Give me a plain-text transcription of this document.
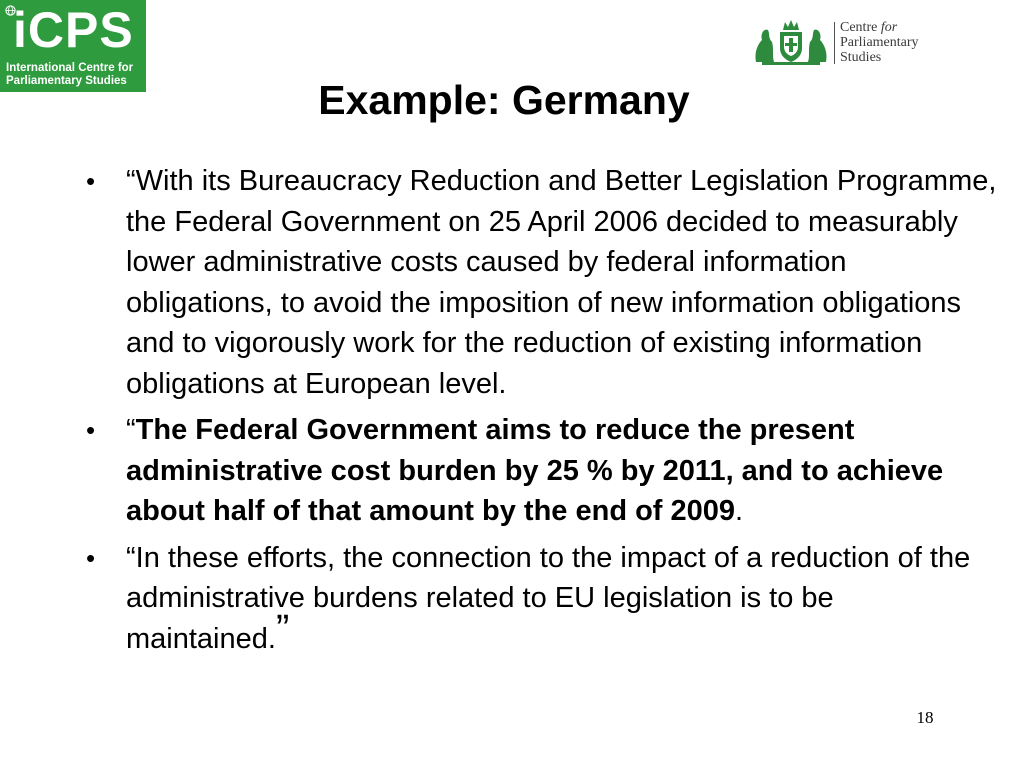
iCPS
International Centre for
Parliamentary Studies
Centre for
Parliamentary
Studies
Example: Germany
• “With its Bureaucracy Reduction and Better Legislation Programme, the Federal Government on 25 April 2006 decided to measurably lower administrative costs caused by federal information obligations, to avoid the imposition of new information obligations and to vigorously work for the reduction of existing information obligations at European level.
• “The Federal Government aims to reduce the present administrative cost burden by 25 % by 2011, and to achieve about half of that amount by the end of 2009.
• “In these efforts, the connection to the impact of a reduction of the administrative burdens related to EU legislation is to be maintained.”
18
